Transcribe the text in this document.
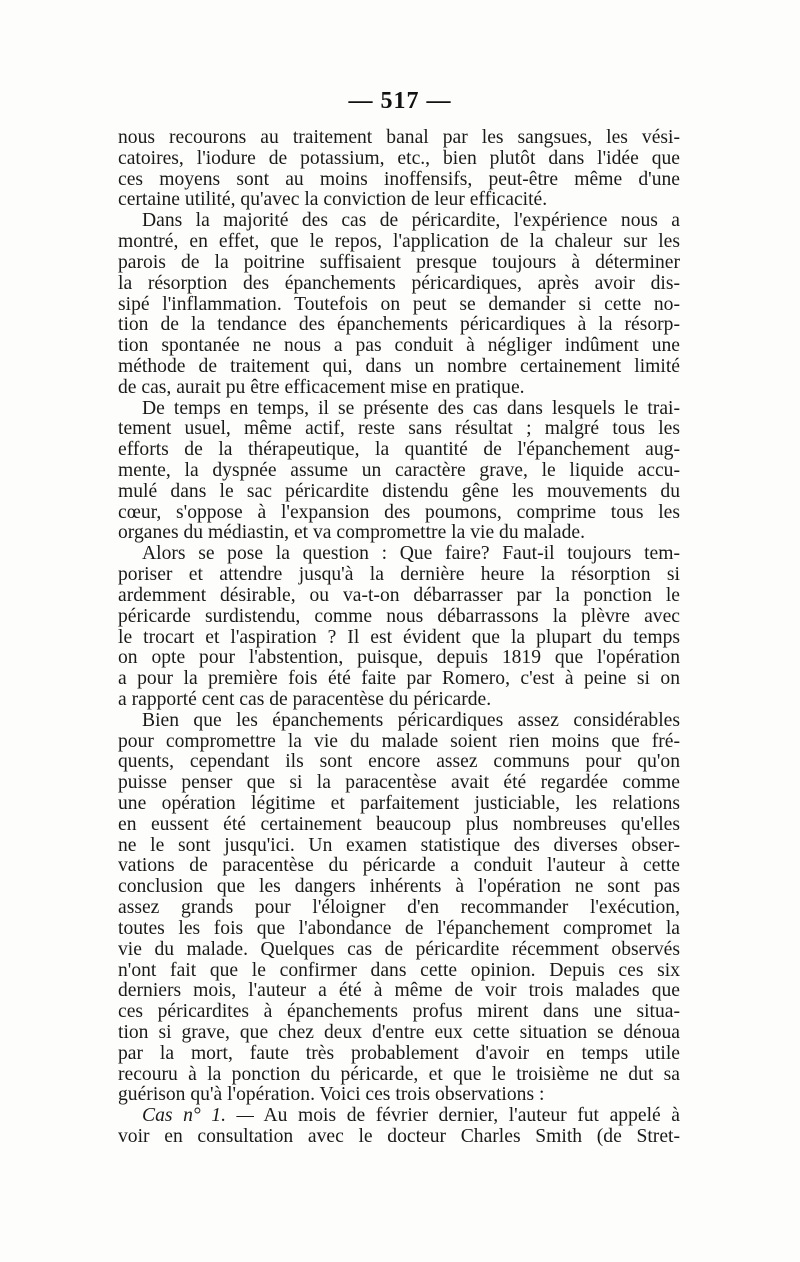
— 517 —
nous recourons au traitement banal par les sangsues, les vési-
catoires, l'iodure de potassium, etc., bien plutôt dans l'idée que
ces moyens sont au moins inoffensifs, peut-être même d'une
certaine utilité, qu'avec la conviction de leur efficacité.
Dans la majorité des cas de péricardite, l'expérience nous a
montré, en effet, que le repos, l'application de la chaleur sur les
parois de la poitrine suffisaient presque toujours à déterminer
la résorption des épanchements péricardiques, après avoir dis-
sipé l'inflammation. Toutefois on peut se demander si cette no-
tion de la tendance des épanchements péricardiques à la résorp-
tion spontanée ne nous a pas conduit à négliger indûment une
méthode de traitement qui, dans un nombre certainement limité
de cas, aurait pu être efficacement mise en pratique.
De temps en temps, il se présente des cas dans lesquels le trai-
tement usuel, même actif, reste sans résultat ; malgré tous les
efforts de la thérapeutique, la quantité de l'épanchement aug-
mente, la dyspnée assume un caractère grave, le liquide accu-
mulé dans le sac péricardite distendu gêne les mouvements du
cœur, s'oppose à l'expansion des poumons, comprime tous les
organes du médiastin, et va compromettre la vie du malade.
Alors se pose la question : Que faire? Faut-il toujours tem-
poriser et attendre jusqu'à la dernière heure la résorption si
ardemment désirable, ou va-t-on débarrasser par la ponction le
péricarde surdistendu, comme nous débarrassons la plèvre avec
le trocart et l'aspiration ? Il est évident que la plupart du temps
on opte pour l'abstention, puisque, depuis 1819 que l'opération
a pour la première fois été faite par Romero, c'est à peine si on
a rapporté cent cas de paracentèse du péricarde.
Bien que les épanchements péricardiques assez considérables
pour compromettre la vie du malade soient rien moins que fré-
quents, cependant ils sont encore assez communs pour qu'on
puisse penser que si la paracentèse avait été regardée comme
une opération légitime et parfaitement justiciable, les relations
en eussent été certainement beaucoup plus nombreuses qu'elles
ne le sont jusqu'ici. Un examen statistique des diverses obser-
vations de paracentèse du péricarde a conduit l'auteur à cette
conclusion que les dangers inhérents à l'opération ne sont pas
assez grands pour l'éloigner d'en recommander l'exécution,
toutes les fois que l'abondance de l'épanchement compromet la
vie du malade. Quelques cas de péricardite récemment observés
n'ont fait que le confirmer dans cette opinion. Depuis ces six
derniers mois, l'auteur a été à même de voir trois malades que
ces péricardites à épanchements profus mirent dans une situa-
tion si grave, que chez deux d'entre eux cette situation se dénoua
par la mort, faute très probablement d'avoir en temps utile
recouru à la ponction du péricarde, et que le troisième ne dut sa
guérison qu'à l'opération. Voici ces trois observations :
Cas n° 1. — Au mois de février dernier, l'auteur fut appelé à
voir en consultation avec le docteur Charles Smith (de Stret-
